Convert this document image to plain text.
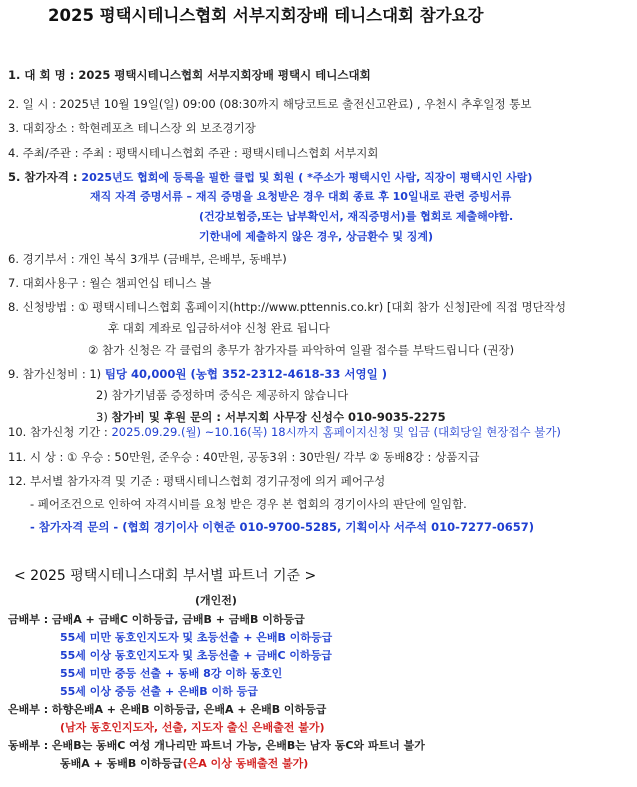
2025 평택시테니스협회 서부지회장배 테니스대회 참가요강
1. 대 회 명 : 2025 평택시테니스협회 서부지회장배 평택시 테니스대회
2. 일 시 : 2025년 10월 19일(일) 09:00 (08:30까지 해당코트로 출전신고완료) , 우천시 추후일정 통보
3. 대회장소 : 학현레포츠 테니스장 외 보조경기장
4. 주최/주관 : 주최 : 평택시테니스협회 주관 : 평택시테니스협회 서부지회
5. 참가자격 : 2025년도 협회에 등록을 필한 클럽 및 회원 ( *주소가 평택시인 사람, 직장이 평택시인 사람)
재직 자격 증명서류 – 재직 증명을 요청받은 경우 대회 종료 후 10일내로 관련 증빙서류
(건강보험증,또는 납부확인서, 재직증명서)를 협회로 제출해야함.
기한내에 제출하지 않은 경우, 상금환수 및 징계)
6. 경기부서 : 개인 복식 3개부 (금배부, 은배부, 동배부)
7. 대회사용구 : 월슨 챔피언십 테니스 볼
8. 신청방법 : ① 평택시테니스협회 홈페이지(http://www.pttennis.co.kr) [대회 참가 신청]란에 직접 명단작성
후 대회 계좌로 입금하셔야 신청 완료 됩니다
② 참가 신청은 각 클럽의 총무가 참가자를 파악하여 일괄 접수를 부탁드립니다 (권장)
9. 참가신청비 : 1) 팀당 40,000원 (농협 352-2312-4618-33 서영일 )
2) 참가기념품 증정하며 중식은 제공하지 않습니다
3) 참가비 및 후원 문의 : 서부지회 사무장 신성수 010-9035-2275
10. 참가신청 기간 : 2025.09.29.(월) ~10.16(목) 18시까지 홈페이지신청 및 입금 (대회당일 현장접수 불가)
11. 시 상 : ① 우승 : 50만원, 준우승 : 40만원, 공동3위 : 30만원/ 각부 ② 동배8강 : 상품지급
12. 부서별 참가자격 및 기준 : 평택시테니스협회 경기규정에 의거 페어구성
- 페어조건으로 인하여 자격시비를 요청 받은 경우 본 협회의 경기이사의 판단에 일임함.
- 참가자격 문의 - (협회 경기이사 이현준 010-9700-5285, 기획이사 서주석 010-7277-0657)
< 2025 평택시테니스대회 부서별 파트너 기준 >
(개인전)
금배부 : 금배A + 금배C 이하등급, 금배B + 금배B 이하등급
55세 미만 동호인지도자 및 초등선출 + 은배B 이하등급
55세 이상 동호인지도자 및 초등선출 + 금배C 이하등급
55세 미만 중등 선출 + 동배 8강 이하 동호인
55세 이상 중등 선출 + 은배B 이하 등급
은배부 : 하향은배A + 은배B 이하등급, 은배A + 은배B 이하등급
(남자 동호인지도자, 선출, 지도자 출신 은배출전 불가)
동배부 : 은배B는 동배C 여성 개나리만 파트너 가능, 은배B는 남자 동C와 파트너 불가
동배A + 동배B 이하등급(은A 이상 동배출전 불가)
